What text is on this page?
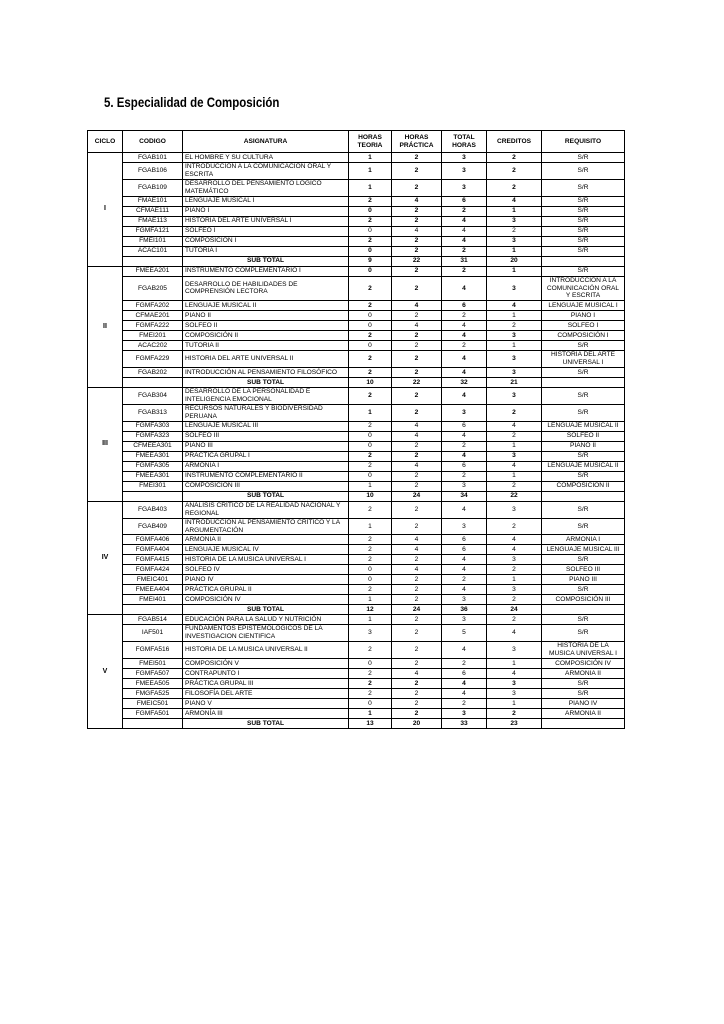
5. Especialidad de Composición
CICLO	CODIGO	ASIGNATURA	HORAS TEORIA	HORAS PRÁCTICA	TOTAL HORAS	CREDITOS	REQUISITO
I	FGAB101	EL HOMBRE Y SU CULTURA	1	2	3	2	S/R
	FGAB106	INTRODUCCIÓN A LA COMUNICACIÓN ORAL Y ESCRITA	1	2	3	2	S/R
	FGAB109	DESARROLLO DEL PENSAMIENTO LÓGICO MATEMÁTICO	1	2	3	2	S/R
	FMAE101	LENGUAJE MUSICAL I	2	4	6	4	S/R
	CFMAE111	PIANO I	0	2	2	1	S/R
	FMAE113	HISTORIA DEL ARTE UNIVERSAL I	2	2	4	3	S/R
	FGMFA121	SOLFEO I	0	4	4	2	S/R
	FMEI101	COMPOSICIÓN I	2	2	4	3	S/R
	ACAC101	TUTORIA I	0	2	2	1	S/R
		SUB TOTAL	9	22	31	20	
II	FMEEA201	INSTRUMENTO COMPLEMENTARIO I	0	2	2	1	S/R
	FGAB205	DESARROLLO DE HABILIDADES DE COMPRENSIÓN LECTORA	2	2	4	3	INTRODUCCIÓN A LA COMUNICACIÓN ORAL Y ESCRITA
	FGMFA202	LENGUAJE MUSICAL II	2	4	6	4	LENGUAJE MUSICAL I
	CFMAE201	PIANO II	0	2	2	1	PIANO I
	FGMFA222	SOLFEO II	0	4	4	2	SOLFEO I
	FMEI201	COMPOSICIÓN II	2	2	4	3	COMPOSICIÓN I
	ACAC202	TUTORIA II	0	2	2	1	S/R
	FGMFA229	HISTORIA DEL ARTE UNIVERSAL II	2	2	4	3	HISTORIA DEL ARTE UNIVERSAL I
	FGAB202	INTRODUCCIÓN AL PENSAMIENTO FILOSÓFICO	2	2	4	3	S/R
		SUB TOTAL	10	22	32	21	
III	FGAB304	DESARROLLO DE LA PERSONALIDAD E INTELIGENCIA EMOCIONAL	2	2	4	3	S/R
	FGAB313	RECURSOS NATURALES Y BIODIVERSIDAD PERUANA	1	2	3	2	S/R
	FGMFA303	LENGUAJE MUSICAL III	2	4	6	4	LENGUAJE MUSICAL II
	FGMFA323	SOLFEO III	0	4	4	2	SOLFEO II
	CFMEEA301	PIANO III	0	2	2	1	PIANO II
	FMEEA301	PRÁCTICA GRUPAL I	2	2	4	3	S/R
	FGMFA305	ARMONIA I	2	4	6	4	LENGUAJE MUSICAL II
	FMEEA301	INSTRUMENTO COMPLEMENTARIO II	0	2	2	1	S/R
	FMEI301	COMPOSICIÓN III	1	2	3	2	COMPOSICIÓN II
		SUB TOTAL	10	24	34	22	
IV	FGAB403	ANÁLISIS CRÍTICO DE LA REALIDAD NACIONAL Y REGIONAL	2	2	4	3	S/R
	FGAB409	INTRODUCCIÓN AL PENSAMIENTO CRÍTICO Y LA ARGUMENTACIÓN	1	2	3	2	S/R
	FGMFA406	ARMONIA II	2	4	6	4	ARMONIA I
	FGMFA404	LENGUAJE MUSICAL IV	2	4	6	4	LENGUAJE MUSICAL III
	FGMFA415	HISTORIA DE LA MUSICA UNIVERSAL I	2	2	4	3	S/R
	FGMFA424	SOLFEO IV	0	4	4	2	SOLFEO III
	FMEIC401	PIANO IV	0	2	2	1	PIANO III
	FMEEA404	PRÁCTICA GRUPAL II	2	2	4	3	S/R
	FMEI401	COMPOSICIÓN IV	1	2	3	2	COMPOSICIÓN III
		SUB TOTAL	12	24	36	24	
V	FGAB514	EDUCACIÓN PARA LA SALUD Y NUTRICIÓN	1	2	3	2	S/R
	IAF501	FUNDAMENTOS EPISTEMOLOGICOS DE LA INVESTIGACION CIENTIFICA	3	2	5	4	S/R
	FGMFA516	HISTORIA DE LA MUSICA UNIVERSAL II	2	2	4	3	HISTORIA DE LA MUSICA UNIVERSAL I
	FMEI501	COMPOSICIÓN V	0	2	2	1	COMPOSICIÓN IV
	FGMFA507	CONTRAPUNTO I	2	4	6	4	ARMONIA II
	FMEEA505	PRÁCTICA GRUPAL III	2	2	4	3	S/R
	FMGFA525	FILOSOFÍA DEL ARTE	2	2	4	3	S/R
	FMEIC501	PIANO V	0	2	2	1	PIANO IV
	FGMFA501	ARMONÍA III	1	2	3	2	ARMONIA II
		SUB TOTAL	13	20	33	23	
